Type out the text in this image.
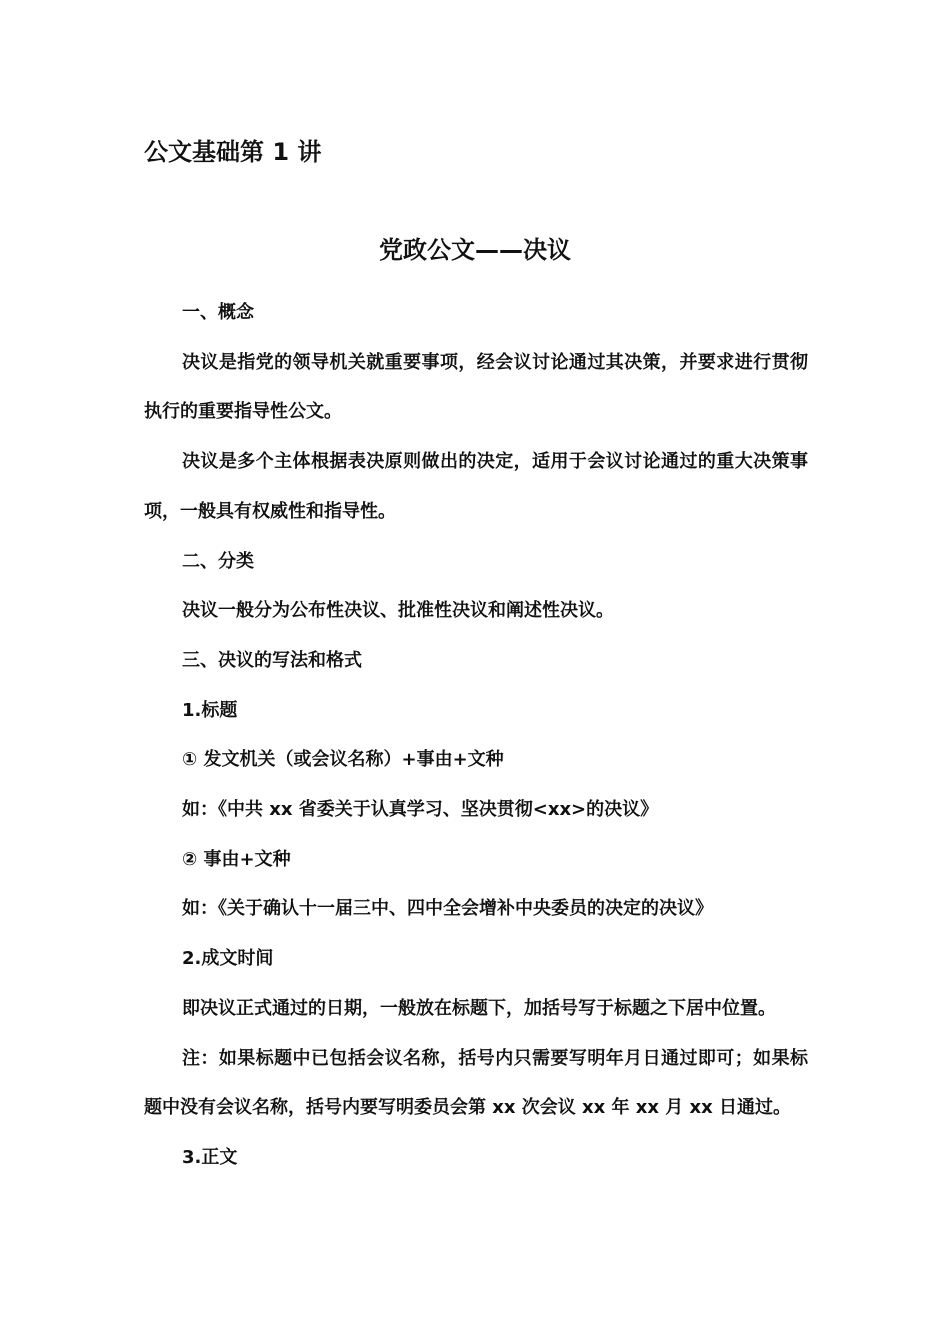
公文基础第 1 讲
党政公文——决议

一、概念

决议是指党的领导机关就重要事项，经会议讨论通过其决策，并要求进行贯彻执行的重要指导性公文。

决议是多个主体根据表决原则做出的决定，适用于会议讨论通过的重大决策事项，一般具有权威性和指导性。

二、分类

决议一般分为公布性决议、批准性决议和阐述性决议。

三、决议的写法和格式

1.标题

① 发文机关（或会议名称）+事由+文种

如：《中共 xx 省委关于认真学习、坚决贯彻<xx>的决议》

② 事由+文种

如：《关于确认十一届三中、四中全会增补中央委员的决定的决议》

2.成文时间

即决议正式通过的日期，一般放在标题下，加括号写于标题之下居中位置。

注：如果标题中已包括会议名称，括号内只需要写明年月日通过即可；如果标题中没有会议名称，括号内要写明委员会第 xx 次会议 xx 年 xx 月 xx 日通过。

3.正文
